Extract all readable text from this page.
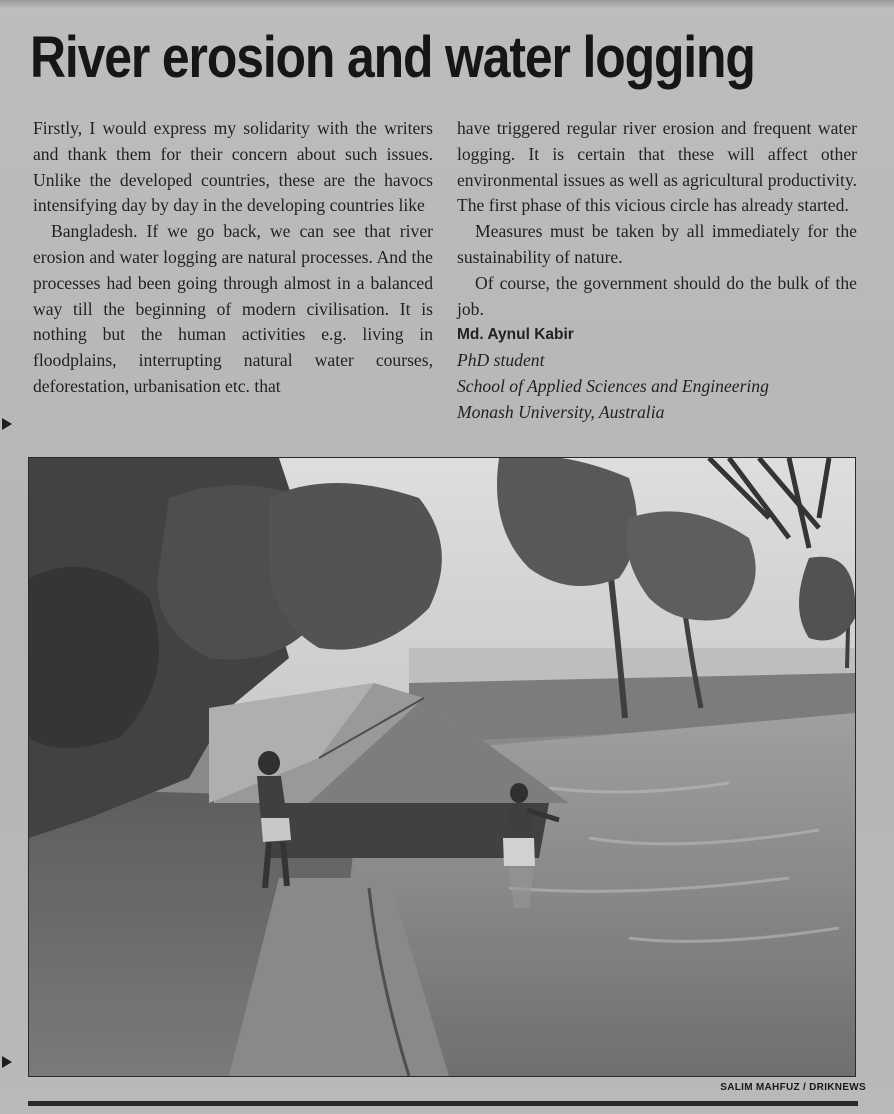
River erosion and water logging

Firstly, I would express my solidarity with the writers and thank them for their concern about such issues. Unlike the developed countries, these are the havocs intensifying day by day in the developing countries like

Bangladesh. If we go back, we can see that river erosion and water logging are natural processes. And the processes had been going through almost in a balanced way till the beginning of modern civilisation. It is nothing but the human activities e.g. living in floodplains, interrupting natural water courses, deforestation, urbanisation etc. that

have triggered regular river erosion and frequent water logging. It is certain that these will affect other environmental issues as well as agricultural productivity. The first phase of this vicious circle has already started.

Measures must be taken by all immediately for the sustainability of nature.

Of course, the government should do the bulk of the job.

Md. Aynul Kabir

PhD student

School of Applied Sciences and Engineering

Monash University, Australia

SALIM MAHFUZ / DRIKNEWS
